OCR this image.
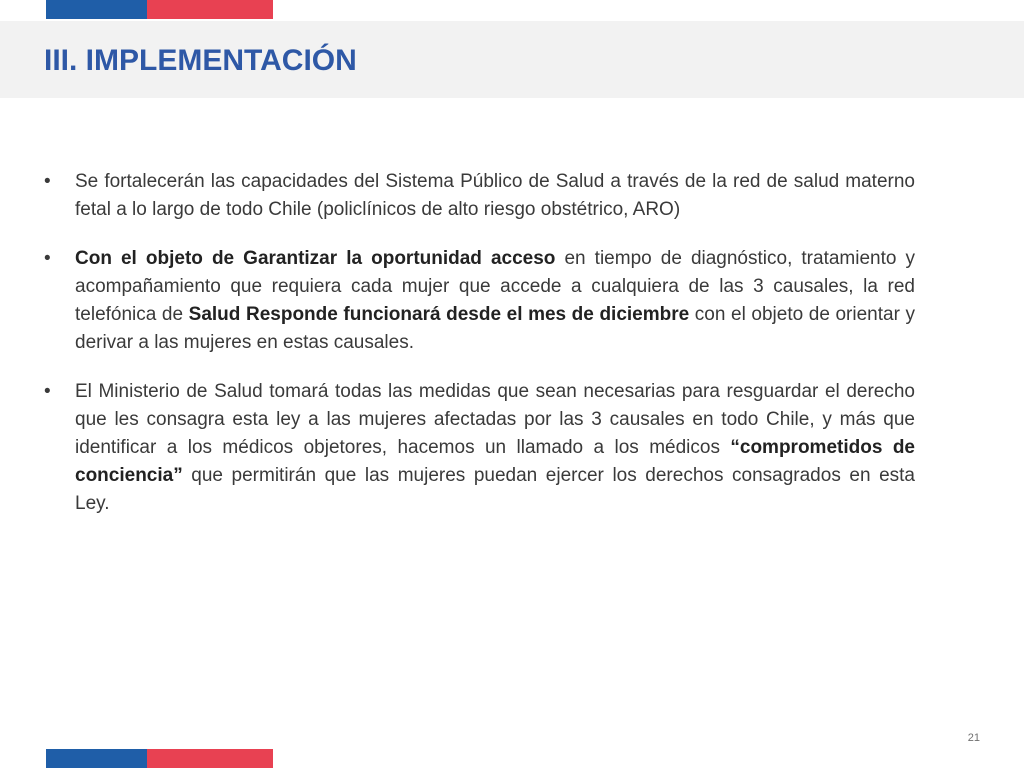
III. IMPLEMENTACIÓN

•	Se fortalecerán las capacidades del Sistema Público de Salud a través de la red de salud materno fetal a lo largo de todo Chile (policlínicos de alto riesgo obstétrico, ARO)

•	Con el objeto de Garantizar la oportunidad acceso en tiempo de diagnóstico, tratamiento y acompañamiento que requiera cada mujer que accede a cualquiera de las 3 causales, la red telefónica de Salud Responde funcionará desde el mes de diciembre con el objeto de orientar y derivar a las mujeres en estas causales.

•	El Ministerio de Salud tomará todas las medidas que sean necesarias para resguardar el derecho que les consagra esta ley a las mujeres afectadas por las 3 causales en todo Chile, y más que identificar a los médicos objetores, hacemos un llamado a los médicos “comprometidos de conciencia” que permitirán que las mujeres puedan ejercer los derechos consagrados en esta Ley.

21
